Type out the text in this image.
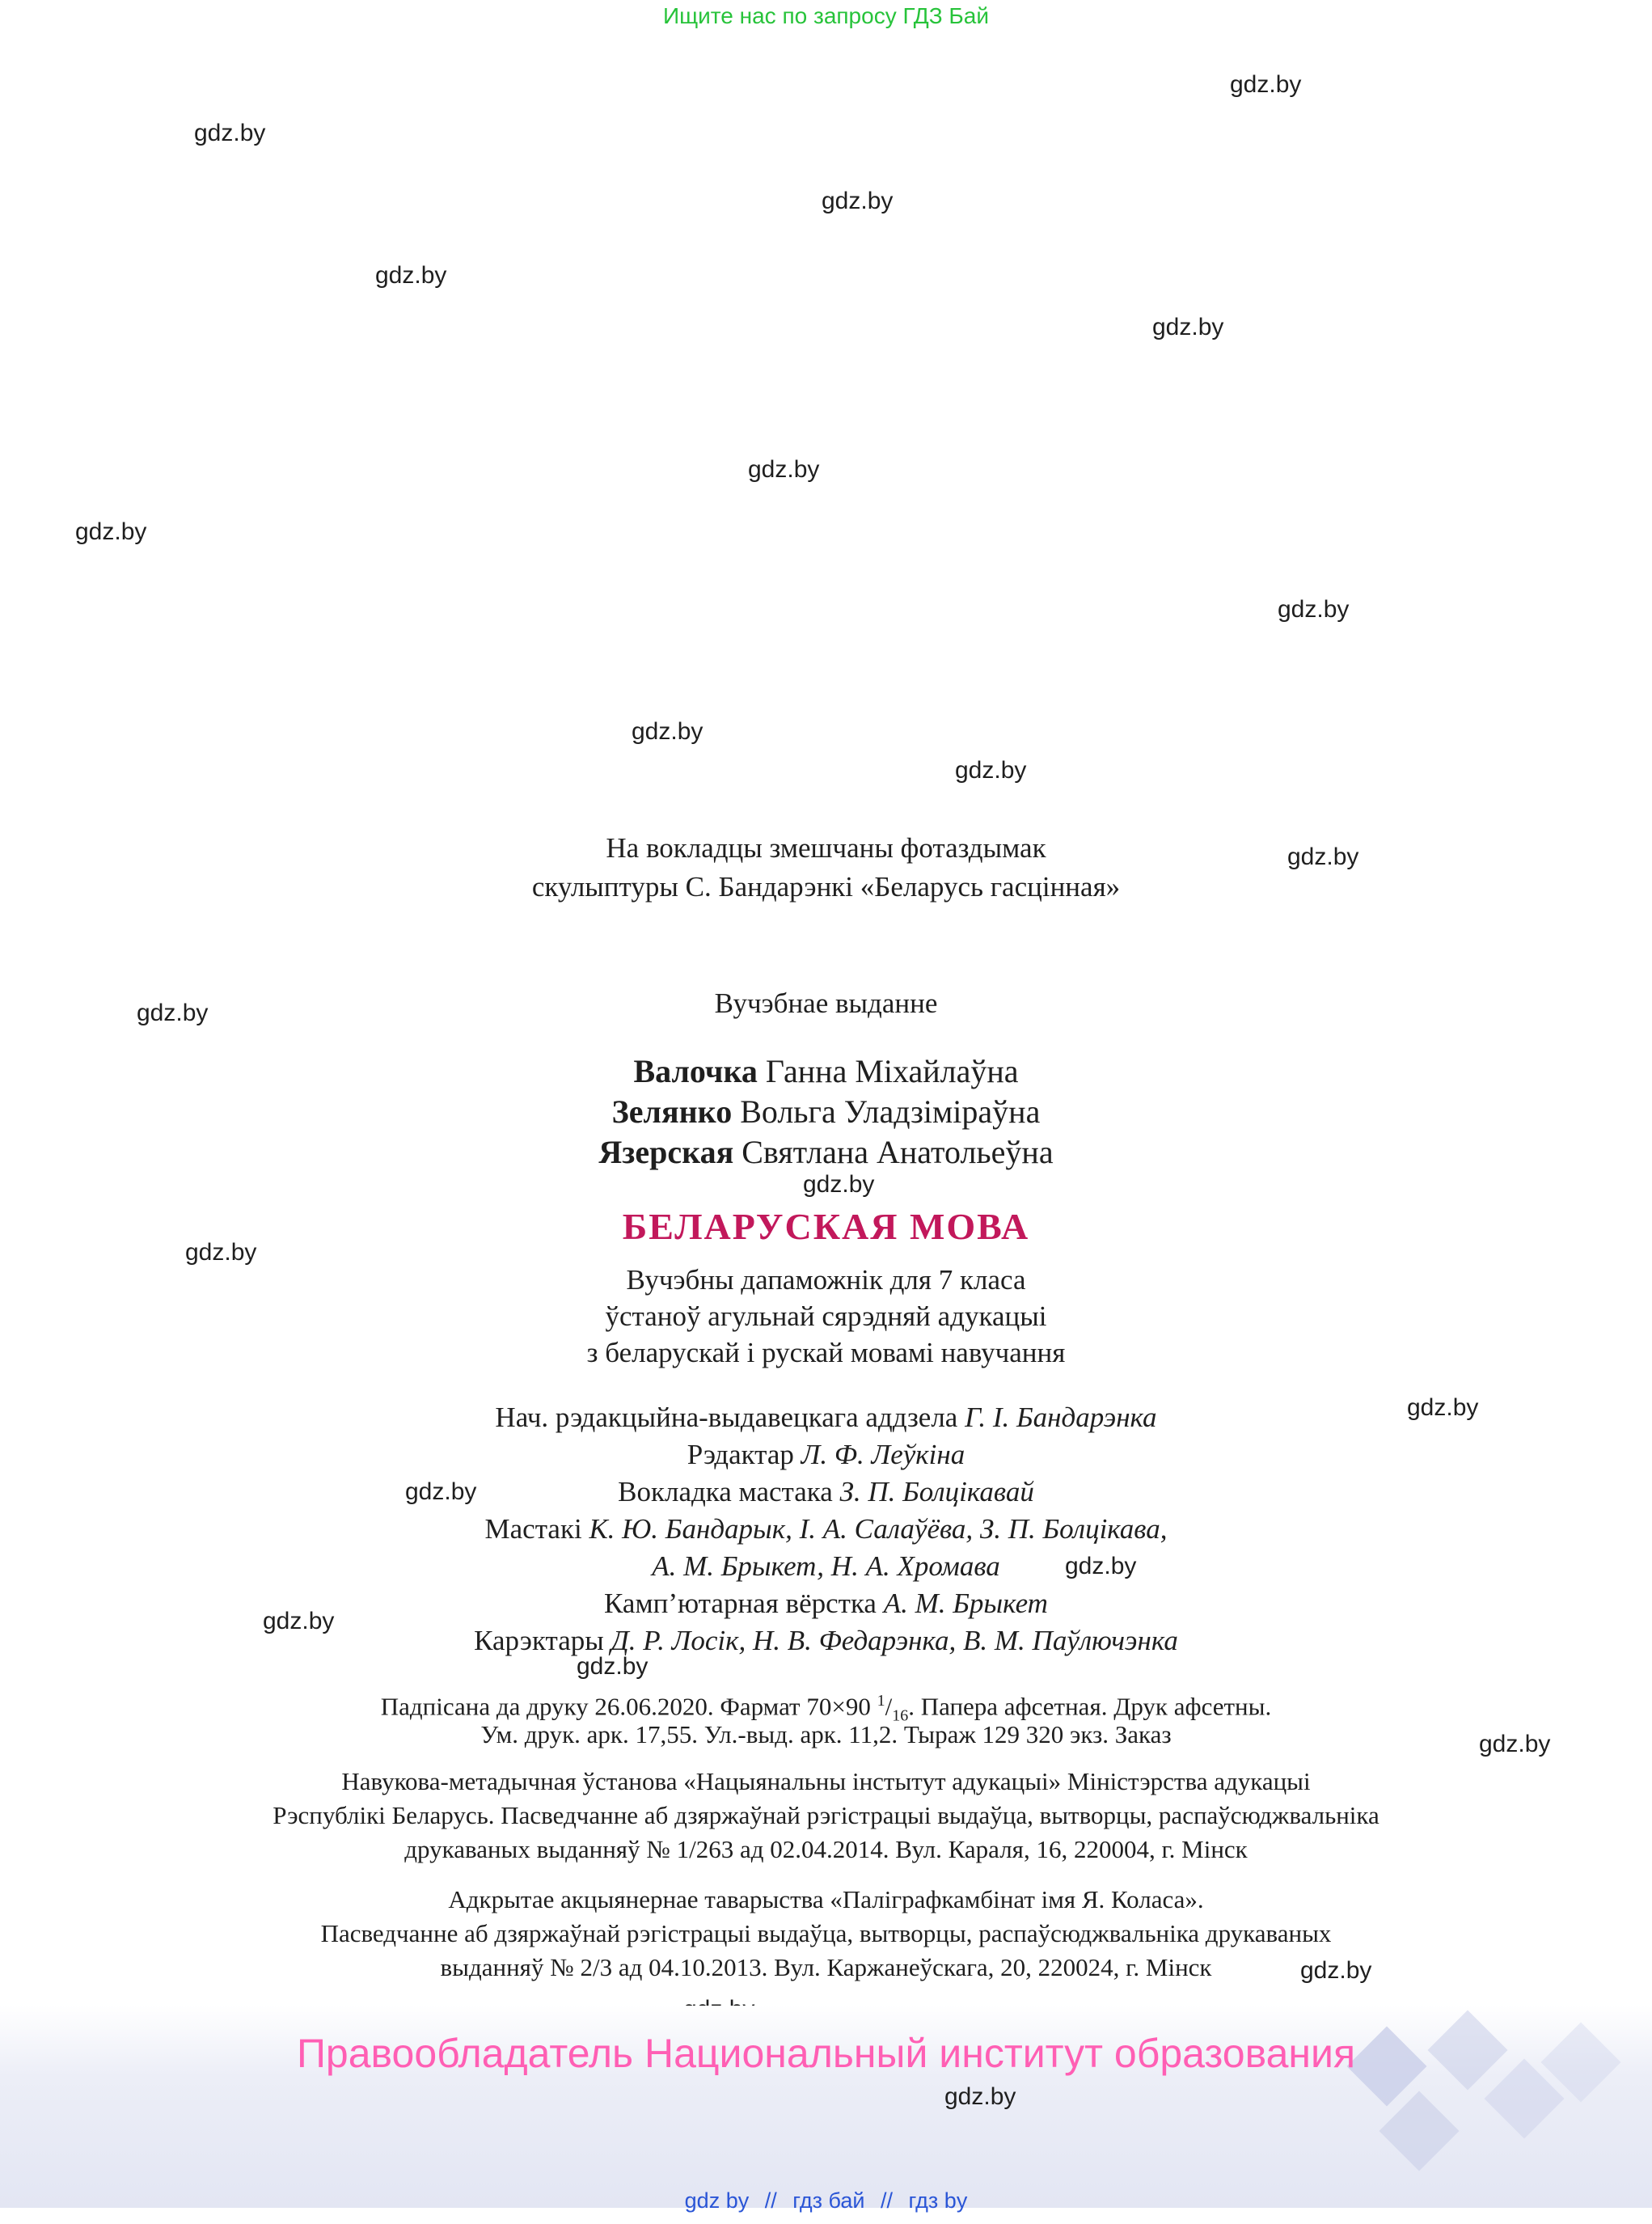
Ищите нас по запросу ГДЗ Бай
gdz.by
gdz.by
gdz.by
gdz.by
gdz.by
gdz.by
gdz.by
gdz.by
gdz.by
gdz.by
gdz.by
gdz.by
gdz.by
gdz.by
gdz.by
gdz.by
gdz.by
gdz.by
gdz.by
gdz.by
gdz.by
На вокладцы змешчаны фотаздымак
скулыптуры С. Бандарэнкі «Беларусь гасцінная»
Вучэбнае выданне
Валочка Ганна Міхайлаўна
Зелянко Вольга Уладзіміраўна
Язерская Святлана Анатольеўна
БЕЛАРУСКАЯ МОВА
Вучэбны дапаможнік для 7 класа
ўстаноў агульнай сярэдняй адукацыі
з беларускай і рускай мовамі навучання
Нач. рэдакцыйна-выдавецкага аддзела Г. І. Бандарэнка
Рэдактар Л. Ф. Леўкіна
Вокладка мастака З. П. Болцікавай
Мастакі К. Ю. Бандарык, І. А. Салаўёва, З. П. Болцікава,
А. М. Брыкет, Н. А. Хромава
Камп’ютарная вёрстка А. М. Брыкет
Карэктары Д. Р. Лосік, Н. В. Федарэнка, В. М. Паўлючэнка
Падпісана да друку 26.06.2020. Фармат 70×90 $^1/_{16}$. Папера афсетная. Друк афсетны.
Ум. друк. арк. 17,55. Ул.-выд. арк. 11,2. Тыраж 129 320 экз. Заказ
Навукова-метадычная ўстанова «Нацыянальны інстытут адукацыі» Міністэрства адукацыі
Рэспублікі Беларусь. Пасведчанне аб дзяржаўнай рэгістрацыі выдаўца, вытворцы, распаўсюджвальніка
друкаваных выданняў № 1/263 ад 02.04.2014. Вул. Караля, 16, 220004, г. Мінск
Адкрытае акцыянернае таварыства «Паліграфкамбінат імя Я. Коласа».
Пасведчанне аб дзяржаўнай рэгістрацыі выдаўца, вытворцы, распаўсюджвальніка друкаваных
выданняў № 2/3 ад 04.10.2013. Вул. Каржанеўскага, 20, 220024, г. Мінск
Правообладатель Национальный институт образования
gdz.by
gdz by // гдз бай // гдз by
